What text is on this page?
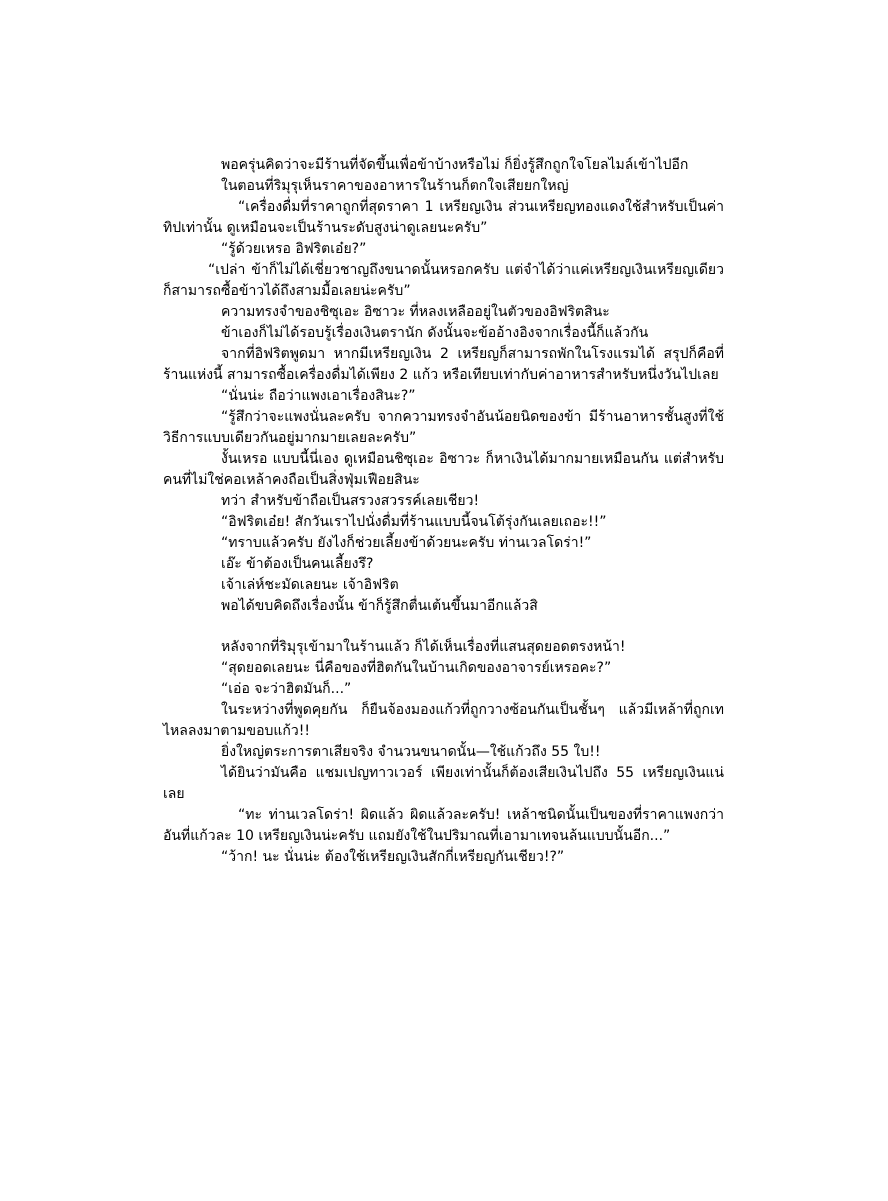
พอครุ่นคิดว่าจะมีร้านที่จัดขึ้นเพื่อข้าบ้างหรือไม่ ก็ยิ่งรู้สึกถูกใจโยลไมล์เข้าไปอีก

ในตอนที่ริมุรุเห็นราคาของอาหารในร้านก็ตกใจเสียยกใหญ่

“เครื่องดื่มที่ราคาถูกที่สุดราคา 1 เหรียญเงิน ส่วนเหรียญทองแดงใช้สำหรับเป็นค่าทิปเท่านั้น ดูเหมือนจะเป็นร้านระดับสูงน่าดูเลยนะครับ”

“รู้ด้วยเหรอ อิฟริตเอ๋ย?”

“เปล่า ข้าก็ไม่ได้เชี่ยวชาญถึงขนาดนั้นหรอกครับ แต่จำได้ว่าแค่เหรียญเงินเหรียญเดียวก็สามารถซื้อข้าวได้ถึงสามมื้อเลยน่ะครับ”

ความทรงจำของชิซุเอะ อิซาวะ ที่หลงเหลืออยู่ในตัวของอิฟริตสินะ

ข้าเองก็ไม่ได้รอบรู้เรื่องเงินตรานัก ดังนั้นจะข้ออ้างอิงจากเรื่องนี้ก็แล้วกัน

จากที่อิฟริตพูดมา หากมีเหรียญเงิน 2 เหรียญก็สามารถพักในโรงแรมได้ สรุปก็คือที่ร้านแห่งนี้ สามารถซื้อเครื่องดื่มได้เพียง 2 แก้ว หรือเทียบเท่ากับค่าอาหารสำหรับหนึ่งวันไปเลย

“นั่นน่ะ ถือว่าแพงเอาเรื่องสินะ?”

“รู้สึกว่าจะแพงนั่นละครับ จากความทรงจำอันน้อยนิดของข้า มีร้านอาหารชั้นสูงที่ใช้วิธีการแบบเดียวกันอยู่มากมายเลยละครับ”

งั้นเหรอ แบบนี้นี่เอง ดูเหมือนชิซุเอะ อิซาวะ ก็หาเงินได้มากมายเหมือนกัน แต่สำหรับคนที่ไม่ใช่คอเหล้าคงถือเป็นสิ่งฟุ่มเฟือยสินะ

ทว่า สำหรับข้าถือเป็นสรวงสวรรค์เลยเชียว!

“อิฟริตเอ๋ย! สักวันเราไปนั่งดื่มที่ร้านแบบนี้จนโต้รุ่งกันเลยเถอะ!!”

“ทราบแล้วครับ ยังไงก็ช่วยเลี้ยงข้าด้วยนะครับ ท่านเวลโดร่า!”

เอ๊ะ ข้าต้องเป็นคนเลี้ยงรึ?

เจ้าเล่ห์ชะมัดเลยนะ เจ้าอิฟริต

พอได้ขบคิดถึงเรื่องนั้น ข้าก็รู้สึกตื่นเต้นขึ้นมาอีกแล้วสิ

หลังจากที่ริมุรุเข้ามาในร้านแล้ว ก็ได้เห็นเรื่องที่แสนสุดยอดตรงหน้า!

“สุดยอดเลยนะ นี่คือของที่ฮิตกันในบ้านเกิดของอาจารย์เหรอคะ?”

“เอ่อ จะว่าฮิตมันก็...”

ในระหว่างที่พูดคุยกัน ก็ยืนจ้องมองแก้วที่ถูกวางซ้อนกันเป็นชั้นๆ แล้วมีเหล้าที่ถูกเทไหลลงมาตามขอบแก้ว!!

ยิ่งใหญ่ตระการตาเสียจริง จำนวนขนาดนั้น—ใช้แก้วถึง 55 ใบ!!

ได้ยินว่ามันคือ แชมเปญทาวเวอร์ เพียงเท่านั้นก็ต้องเสียเงินไปถึง 55 เหรียญเงินแน่เลย

“ทะ ท่านเวลโดร่า! ผิดแล้ว ผิดแล้วละครับ! เหล้าชนิดนั้นเป็นของที่ราคาแพงกว่าอันที่แก้วละ 10 เหรียญเงินน่ะครับ แถมยังใช้ในปริมาณที่เอามาเทจนล้นแบบนั้นอีก...”

“ว้าก! นะ นั่นน่ะ ต้องใช้เหรียญเงินสักกี่เหรียญกันเชียว!?”
